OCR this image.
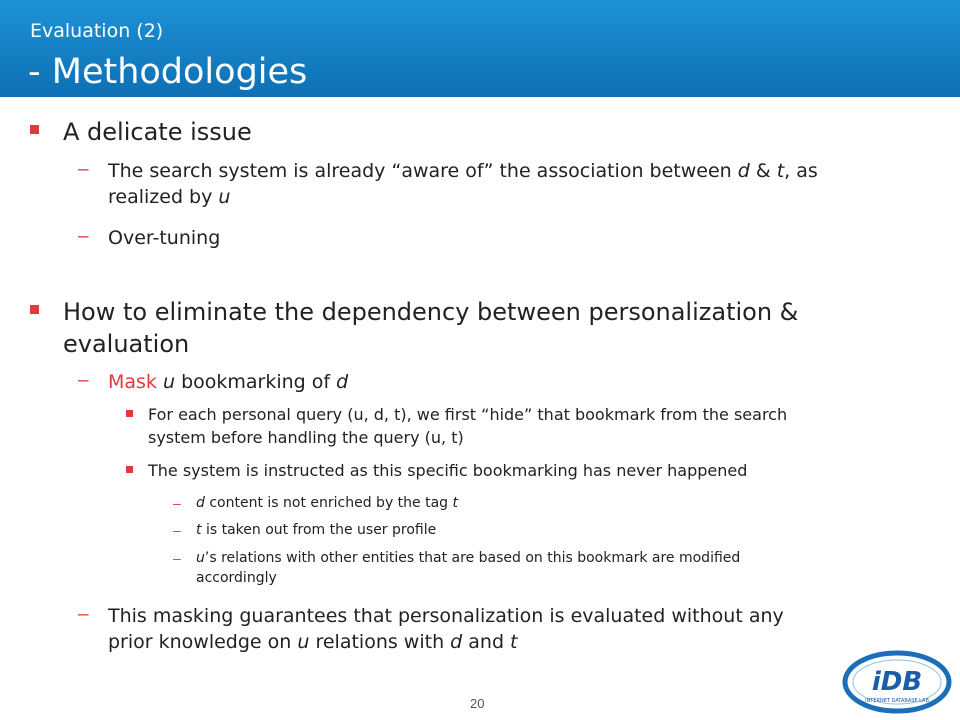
Evaluation (2)
- Methodologies
A delicate issue
– The search system is already “aware of” the association between d & t, as
realized by u
– Over-tuning
How to eliminate the dependency between personalization &
evaluation
– Mask u bookmarking of d
For each personal query (u, d, t), we first “hide” that bookmark from the search
system before handling the query (u, t)
The system is instructed as this specific bookmarking has never happened
– d content is not enriched by the tag t
– t is taken out from the user profile
– u’s relations with other entities that are based on this bookmark are modified
accordingly
– This masking guarantees that personalization is evaluated without any
prior knowledge on u relations with d and t
20
iDB
INTERNET DATABASE LAB
